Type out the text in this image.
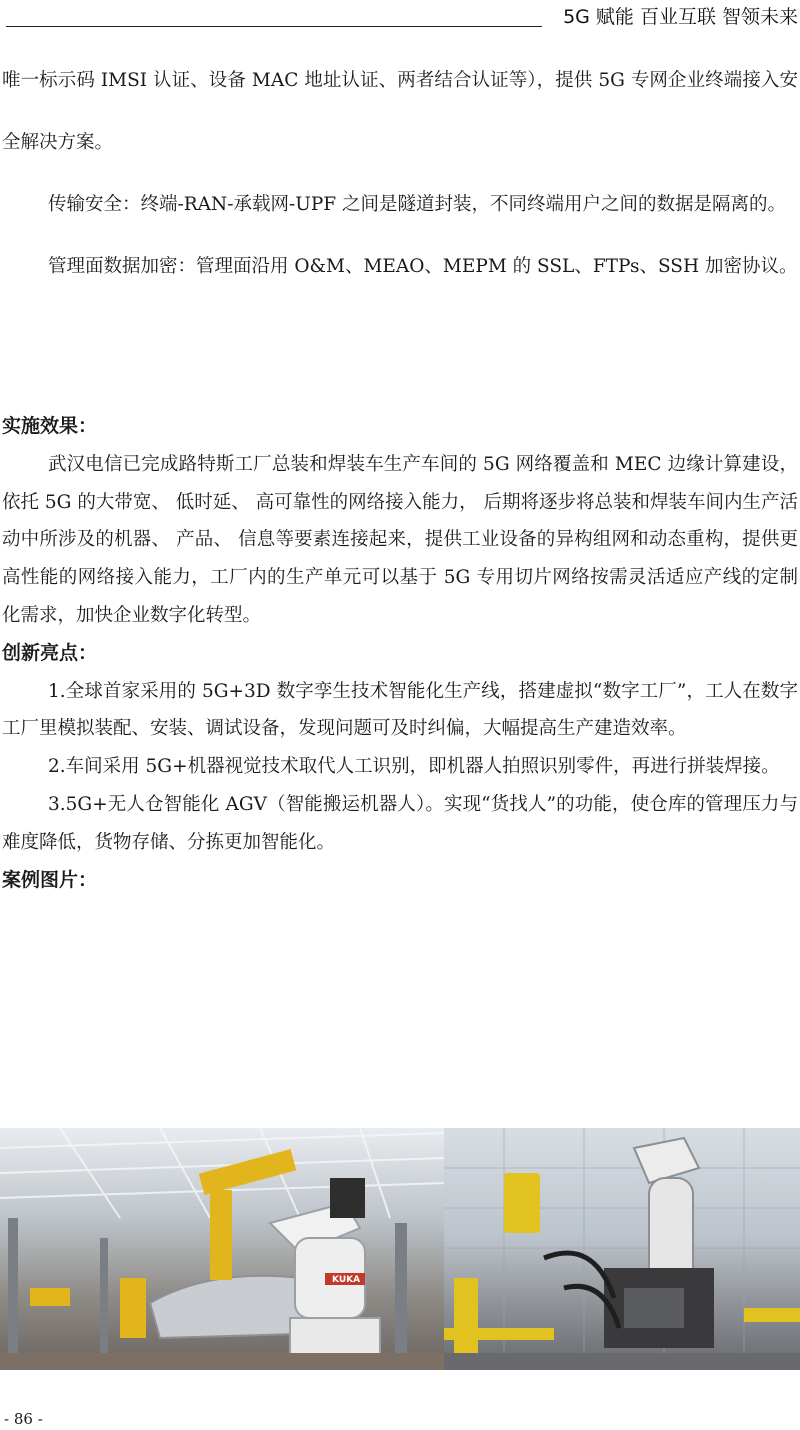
5G 赋能 百业互联 智领未来

唯一标示码 IMSI 认证、设备 MAC 地址认证、两者结合认证等），提供 5G 专网企业终端接入安全解决方案。

传输安全：终端-RAN-承载网-UPF 之间是隧道封装，不同终端用户之间的数据是隔离的。

管理面数据加密：管理面沿用 O&M、MEAO、MEPM 的 SSL、FTPs、SSH 加密协议。

实施效果：

武汉电信已完成路特斯工厂总装和焊装车生产车间的 5G 网络覆盖和 MEC 边缘计算建设， 依托 5G 的大带宽、 低时延、 高可靠性的网络接入能力， 后期将逐步将总装和焊装车间内生产活动中所涉及的机器、 产品、 信息等要素连接起来，提供工业设备的异构组网和动态重构，提供更高性能的网络接入能力，工厂内的生产单元可以基于 5G 专用切片网络按需灵活适应产线的定制化需求，加快企业数字化转型。

创新亮点：

1.全球首家采用的 5G+3D 数字孪生技术智能化生产线，搭建虚拟“数字工厂”，工人在数字工厂里模拟装配、安装、调试设备，发现问题可及时纠偏，大幅提高生产建造效率。

2.车间采用 5G+机器视觉技术取代人工识别，即机器人拍照识别零件，再进行拼装焊接。

3.5G+无人仓智能化 AGV（智能搬运机器人）。实现“货找人”的功能，使仓库的管理压力与难度降低，货物存储、分拣更加智能化。

案例图片：

KUKA
- 86 -
